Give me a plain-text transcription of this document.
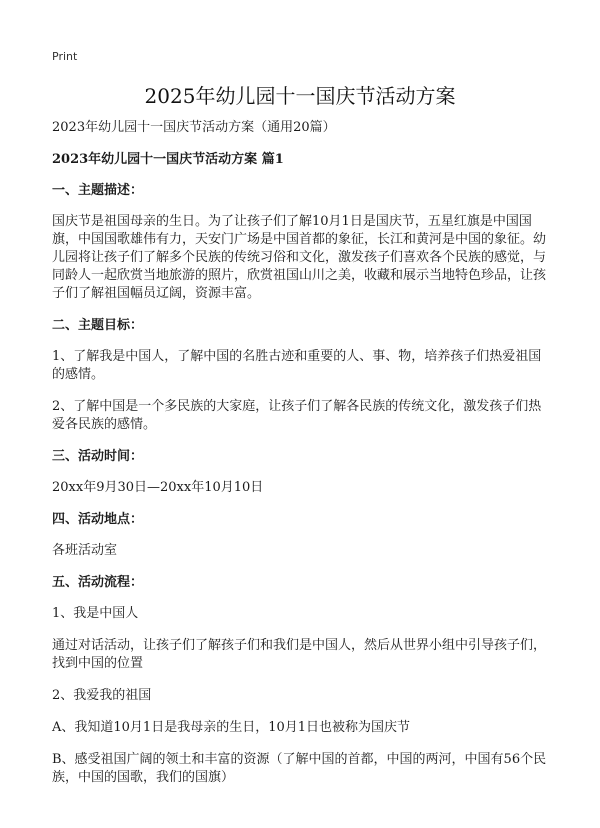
Print
2025年幼儿园十一国庆节活动方案

2023年幼儿园十一国庆节活动方案（通用20篇）

2023年幼儿园十一国庆节活动方案 篇1

一、主题描述：

国庆节是祖国母亲的生日。为了让孩子们了解10月1日是国庆节，五星红旗是中国国旗，中国国歌雄伟有力，天安门广场是中国首都的象征，长江和黄河是中国的象征。幼儿园将让孩子们了解多个民族的传统习俗和文化，激发孩子们喜欢各个民族的感觉，与同龄人一起欣赏当地旅游的照片，欣赏祖国山川之美，收藏和展示当地特色珍品，让孩子们了解祖国幅员辽阔，资源丰富。

二、主题目标：

1、了解我是中国人，了解中国的名胜古迹和重要的人、事、物，培养孩子们热爱祖国的感情。

2、了解中国是一个多民族的大家庭，让孩子们了解各民族的传统文化，激发孩子们热爱各民族的感情。

三、活动时间：

20xx年9月30日—20xx年10月10日

四、活动地点：

各班活动室

五、活动流程：

1、我是中国人

通过对话活动，让孩子们了解孩子们和我们是中国人，然后从世界小组中引导孩子们，找到中国的位置

2、我爱我的祖国

A、我知道10月1日是我母亲的生日，10月1日也被称为国庆节

B、感受祖国广阔的领土和丰富的资源（了解中国的首都，中国的两河，中国有56个民族，中国的国歌，我们的国旗）
